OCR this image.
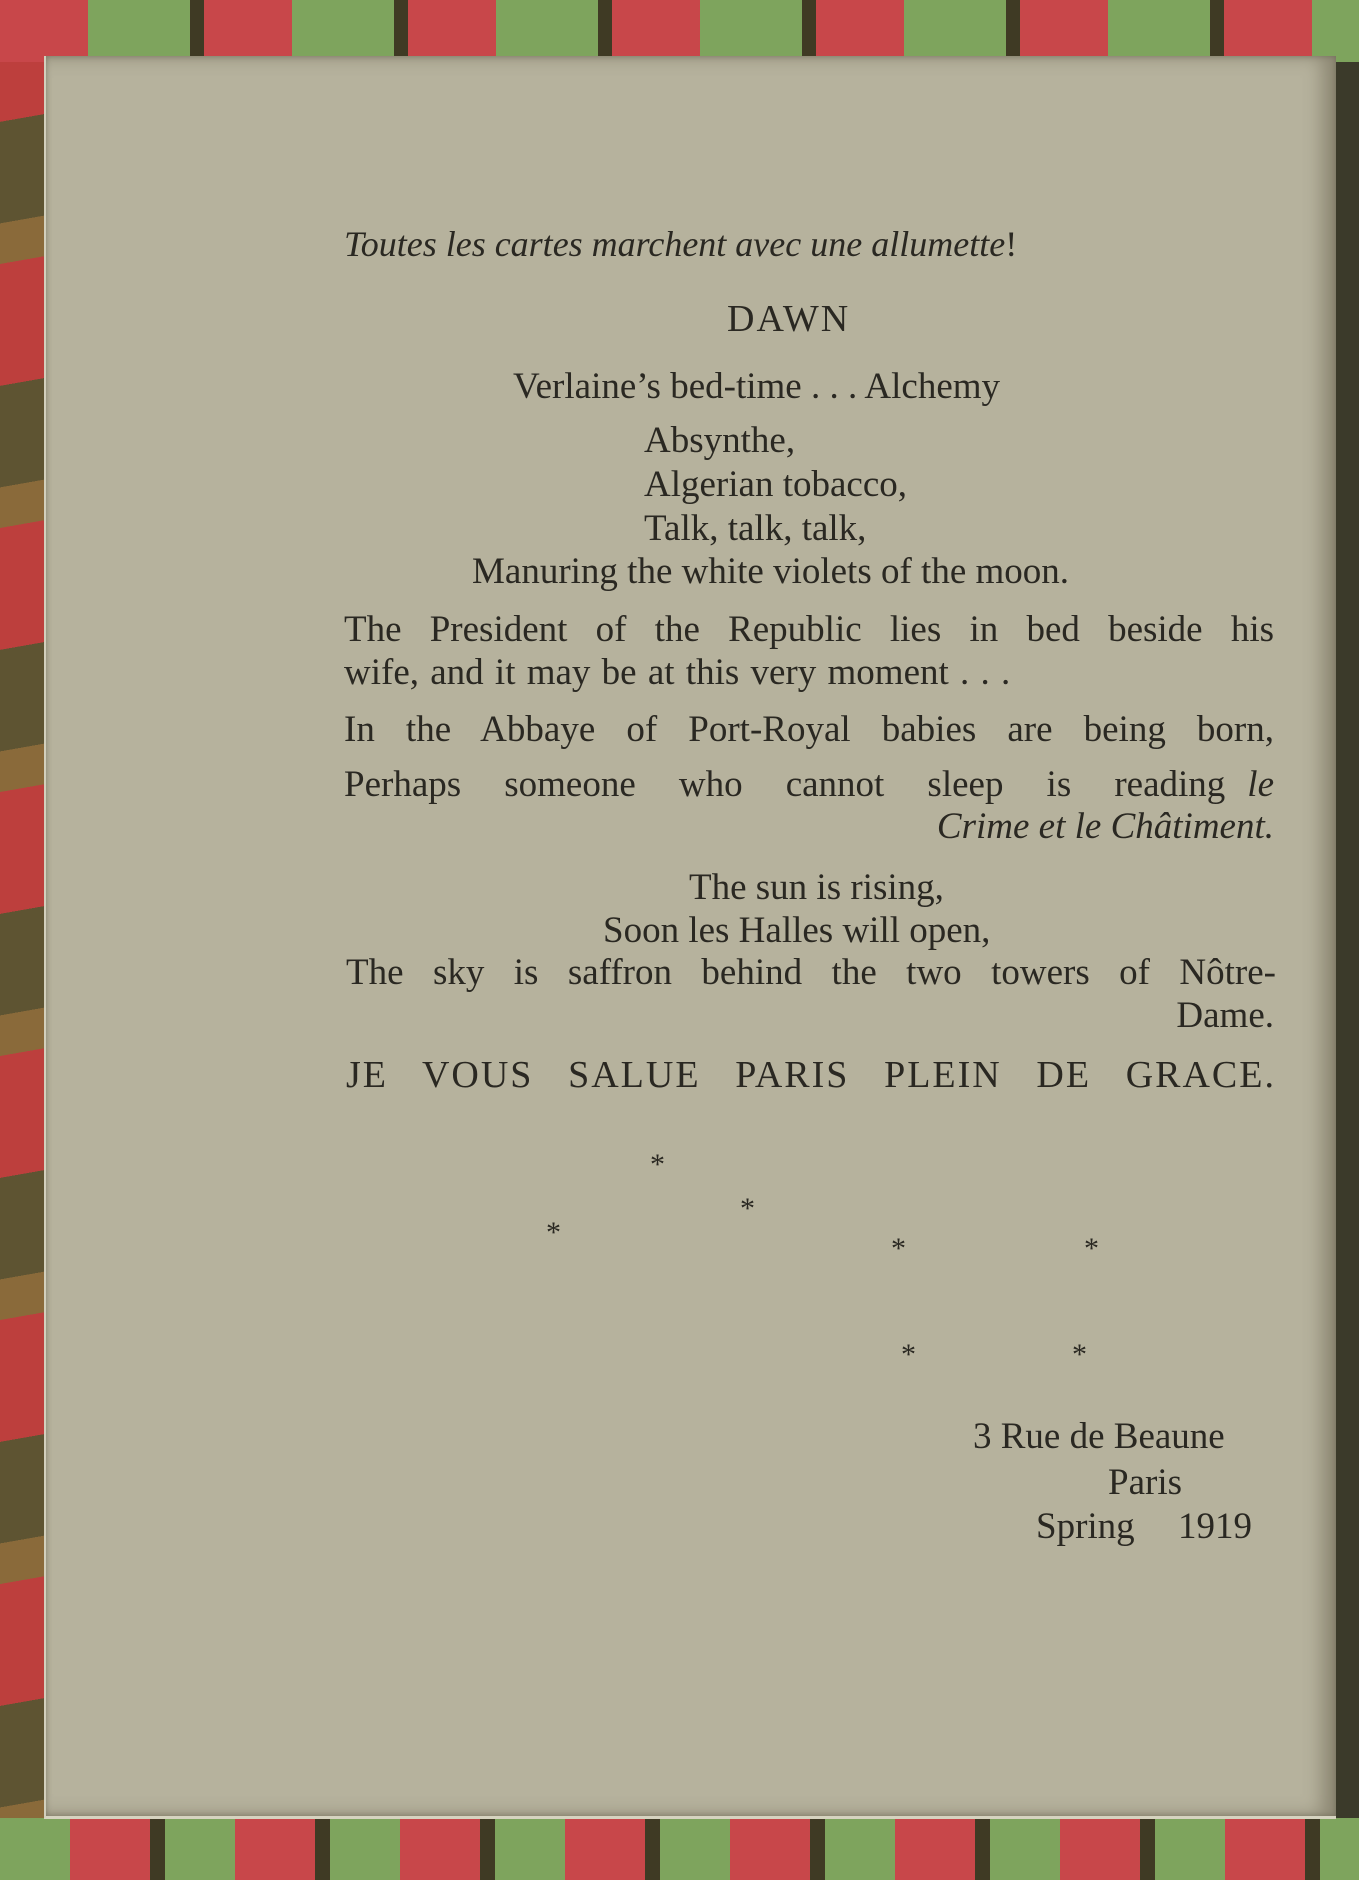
Toutes les cartes marchent avec une allumette!
DAWN
Verlaine’s bed-time . . . Alchemy
Absynthe,
Algerian tobacco,
Talk, talk, talk,
Manuring the white violets of the moon.
The President of the Republic lies in bed beside his
wife, and it may be at this very moment . . .
In the Abbaye of Port-Royal babies are being born,
Perhaps someone who cannot sleep is reading le
Crime et le Châtiment.
The sun is rising,
Soon les Halles will open,
The sky is saffron behind the two towers of Nôtre-
Dame.
JE VOUS SALUE PARIS PLEIN DE GRACE.
*
*
*	*	*
*	*
3 Rue de Beaune
Paris
Spring 1919
